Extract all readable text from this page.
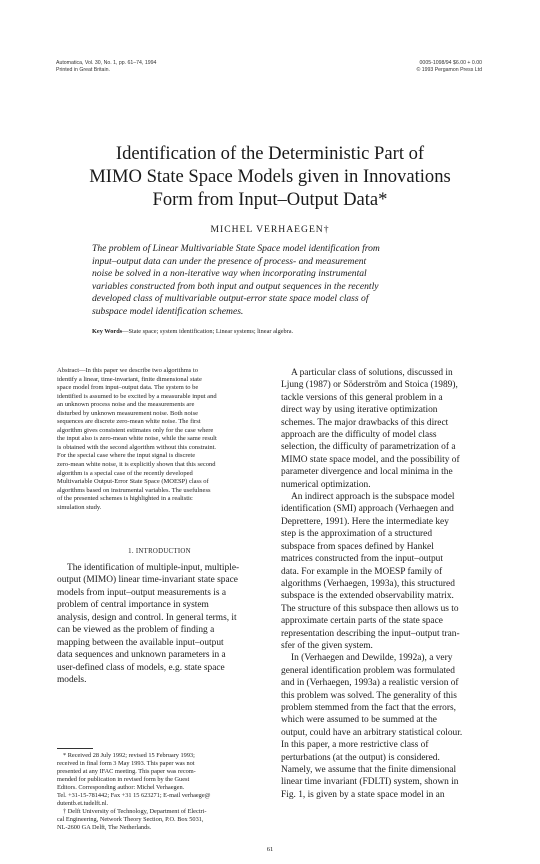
Automatica, Vol. 30, No. 1, pp. 61–74, 1994
Printed in Great Britain.
0005-1098/94 $6.00 + 0.00
© 1993 Pergamon Press Ltd
Identification of the Deterministic Part of
MIMO State Space Models given in Innovations
Form from Input–Output Data*
MICHEL VERHAEGEN†
The problem of Linear Multivariable State Space model identification from
input–output data can under the presence of process- and measurement
noise be solved in a non-iterative way when incorporating instrumental
variables constructed from both input and output sequences in the recently
developed class of multivariable output-error state space model class of
subspace model identification schemes.
Key Words—State space; system identification; Linear systems; linear algebra.
Abstract—In this paper we describe two algorithms to
identify a linear, time-invariant, finite dimensional state
space model from input–output data. The system to be
identified is assumed to be excited by a measurable input and
an unknown process noise and the measurements are
disturbed by unknown measurement noise. Both noise
sequences are discrete zero-mean white noise. The first
algorithm gives consistent estimates only for the case where
the input also is zero-mean white noise, while the same result
is obtained with the second algorithm without this constraint.
For the special case where the input signal is discrete
zero-mean white noise, it is explicitly shown that this second
algorithm is a special case of the recently developed
Multivariable Output-Error State Space (MOESP) class of
algorithms based on instrumental variables. The usefulness
of the presented schemes is highlighted in a realistic
simulation study.
1. INTRODUCTION
The identification of multiple-input, multiple-
output (MIMO) linear time-invariant state space
models from input–output measurements is a
problem of central importance in system
analysis, design and control. In general terms, it
can be viewed as the problem of finding a
mapping between the available input–output
data sequences and unknown parameters in a
user-defined class of models, e.g. state space
models.
* Received 28 July 1992; revised 15 February 1993;
received in final form 3 May 1993. This paper was not
presented at any IFAC meeting. This paper was recom-
mended for publication in revised form by the Guest
Editors. Corresponding author: Michel Verhaegen.
Tel. +31-15-781442; Fax +31 15 623271; E-mail verhaege@
dutentb.et.tudelft.nl.
† Delft University of Technology, Department of Electri-
cal Engineering, Network Theory Section, P.O. Box 5031,
NL-2600 GA Delft, The Netherlands.
A particular class of solutions, discussed in
Ljung (1987) or Söderström and Stoica (1989),
tackle versions of this general problem in a
direct way by using iterative optimization
schemes. The major drawbacks of this direct
approach are the difficulty of model class
selection, the difficulty of parametrization of a
MIMO state space model, and the possibility of
parameter divergence and local minima in the
numerical optimization.
An indirect approach is the subspace model
identification (SMI) approach (Verhaegen and
Deprettere, 1991). Here the intermediate key
step is the approximation of a structured
subspace from spaces defined by Hankel
matrices constructed from the input–output
data. For example in the MOESP family of
algorithms (Verhaegen, 1993a), this structured
subspace is the extended observability matrix.
The structure of this subspace then allows us to
approximate certain parts of the state space
representation describing the input–output tran-
sfer of the given system.
In (Verhaegen and Dewilde, 1992a), a very
general identification problem was formulated
and in (Verhaegen, 1993a) a realistic version of
this problem was solved. The generality of this
problem stemmed from the fact that the errors,
which were assumed to be summed at the
output, could have an arbitrary statistical colour.
In this paper, a more restrictive class of
perturbations (at the output) is considered.
Namely, we assume that the finite dimensional
linear time invariant (FDLTI) system, shown in
Fig. 1, is given by a state space model in an
61
